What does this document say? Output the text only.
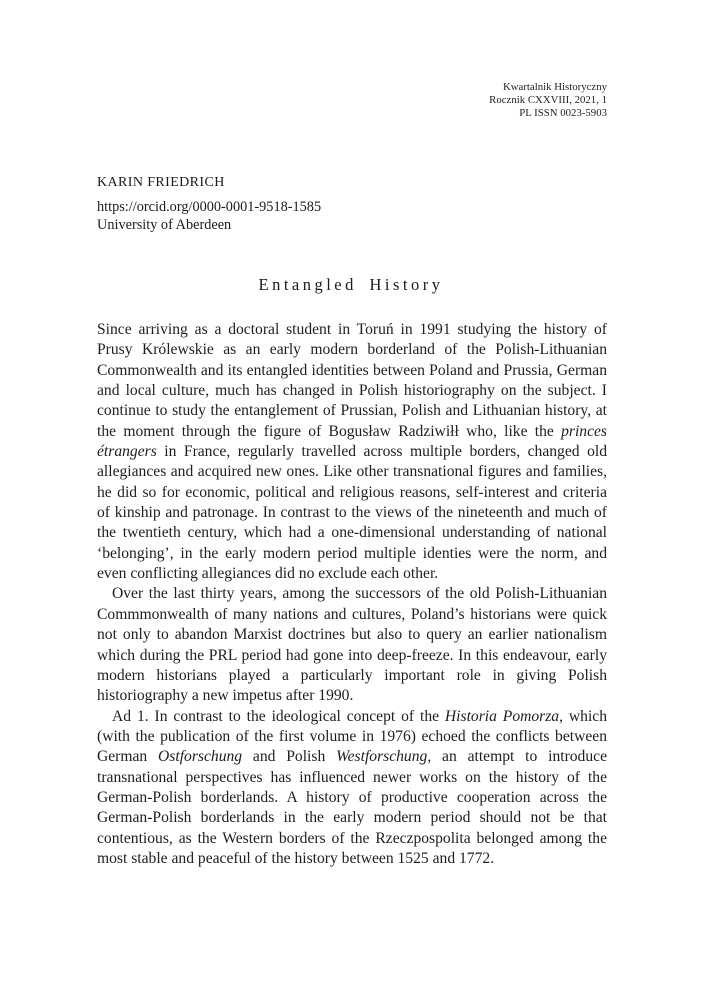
Kwartalnik Historyczny
Rocznik CXXVIII, 2021, 1
PL ISSN 0023-5903
KARIN FRIEDRICH
https://orcid.org/0000-0001-9518-1585
University of Aberdeen
Entangled History

Since arriving as a doctoral student in Toruń in 1991 studying the history of Prusy Królewskie as an early modern borderland of the Polish-Lithuanian Commonwealth and its entangled identities between Poland and Prussia, German and local culture, much has changed in Polish historiography on the subject. I continue to study the entanglement of Prussian, Polish and Lithuanian history, at the moment through the figure of Bogusław Radziwiłł who, like the princes étrangers in France, regularly travelled across multiple borders, changed old allegiances and acquired new ones. Like other transnational figures and families, he did so for economic, political and religious reasons, self-interest and criteria of kinship and patronage. In contrast to the views of the nineteenth and much of the twentieth century, which had a one-dimensional understanding of national ‘belonging’, in the early modern period multiple identies were the norm, and even conflicting allegiances did no exclude each other.

Over the last thirty years, among the successors of the old Polish-Lithuanian Commmonwealth of many nations and cultures, Poland’s historians were quick not only to abandon Marxist doctrines but also to query an earlier nationalism which during the PRL period had gone into deep-freeze. In this endeavour, early modern historians played a particularly important role in giving Polish historiography a new impetus after 1990.

Ad 1. In contrast to the ideological concept of the Historia Pomorza, which (with the publication of the first volume in 1976) echoed the conflicts between German Ostforschung and Polish Westforschung, an attempt to introduce transnational perspectives has influenced newer works on the history of the German-Polish borderlands. A history of productive cooperation across the German-Polish borderlands in the early modern period should not be that contentious, as the Western borders of the Rzeczpospolita belonged among the most stable and peaceful of the history between 1525 and 1772.
